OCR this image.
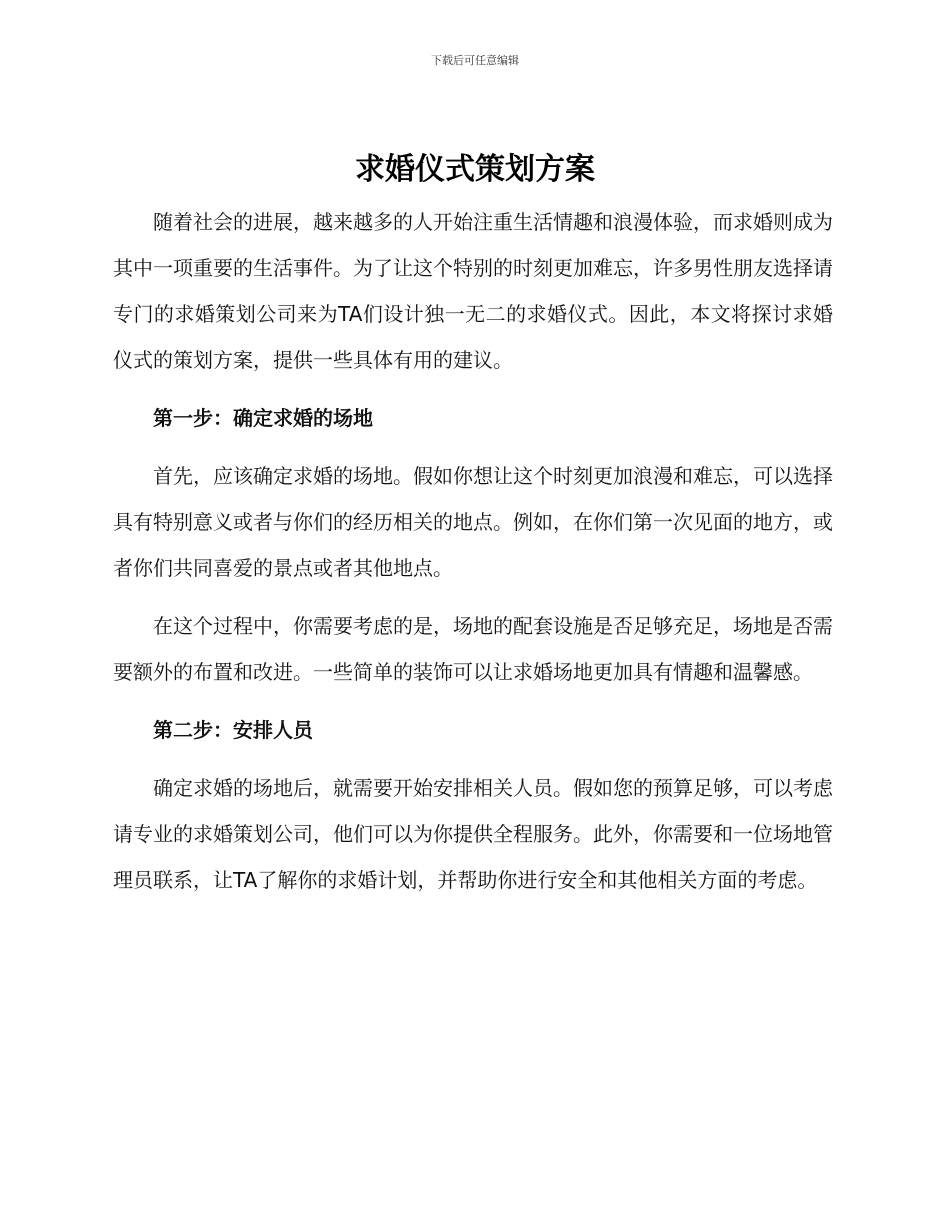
下载后可任意编辑
求婚仪式策划方案

随着社会的进展，越来越多的人开始注重生活情趣和浪漫体验，而求婚则成为其中一项重要的生活事件。为了让这个特别的时刻更加难忘，许多男性朋友选择请专门的求婚策划公司来为TA们设计独一无二的求婚仪式。因此，本文将探讨求婚仪式的策划方案，提供一些具体有用的建议。

第一步：确定求婚的场地

首先，应该确定求婚的场地。假如你想让这个时刻更加浪漫和难忘，可以选择具有特别意义或者与你们的经历相关的地点。例如，在你们第一次见面的地方，或者你们共同喜爱的景点或者其他地点。

在这个过程中，你需要考虑的是，场地的配套设施是否足够充足，场地是否需要额外的布置和改进。一些简单的装饰可以让求婚场地更加具有情趣和温馨感。

第二步：安排人员

确定求婚的场地后，就需要开始安排相关人员。假如您的预算足够，可以考虑请专业的求婚策划公司，他们可以为你提供全程服务。此外，你需要和一位场地管理员联系，让TA了解你的求婚计划，并帮助你进行安全和其他相关方面的考虑。
